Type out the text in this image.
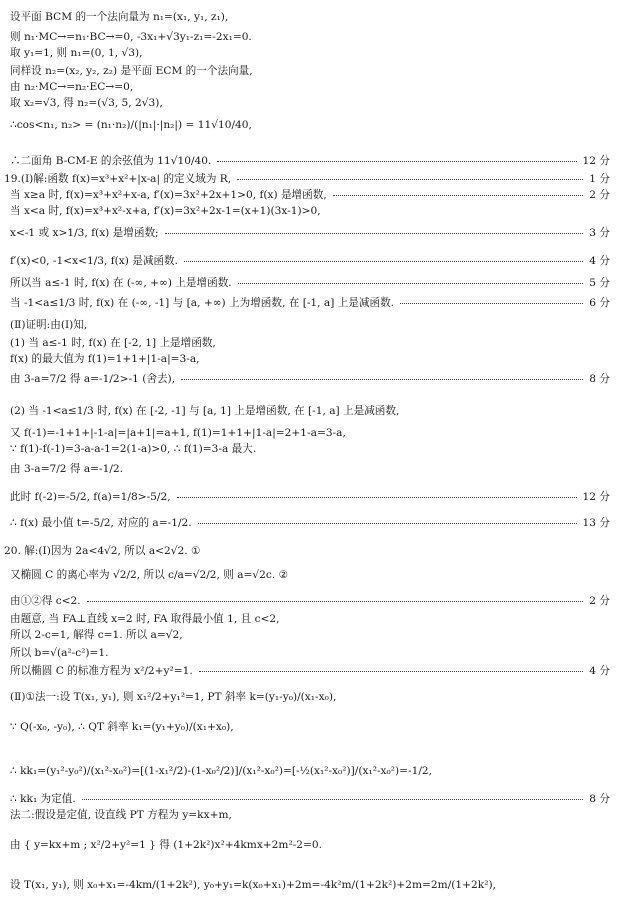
设平面 BCM 的一个法向量为 n₁=(x₁, y₁, z₁),
则 n₁·MC→=n₁·BC→=0, -3x₁+√3y₁-z₁=-2x₁=0.
取 y₁=1, 则 n₁=(0, 1, √3),
同样设 n₂=(x₂, y₂, z₂) 是平面 ECM 的一个法向量,
由 n₂·MC→=n₂·EC→=0,
取 x₂=√3, 得 n₂=(√3, 5, 2√3),
∴cos<n₁, n₂> = (n₁·n₂)/(|n₁|·|n₂|) = 11√10/40,
∴二面角 B-CM-E 的余弦值为 11√10/40.	12 分
19.(Ⅰ)解:函数 f(x)=x³+x²+|x-a| 的定义域为 R,	1 分
当 x≥a 时, f(x)=x³+x²+x-a, f′(x)=3x²+2x+1>0, f(x) 是增函数,	2 分
当 x<a 时, f(x)=x³+x²-x+a, f′(x)=3x²+2x-1=(x+1)(3x-1)>0,
x<-1 或 x>1/3, f(x) 是增函数;	3 分
f′(x)<0, -1<x<1/3, f(x) 是减函数.	4 分
所以当 a≤-1 时, f(x) 在 (-∞, +∞) 上是增函数.	5 分
当 -1<a≤1/3 时, f(x) 在 (-∞, -1] 与 [a, +∞) 上为增函数, 在 [-1, a] 上是减函数.	6 分
(Ⅱ)证明:由(Ⅰ)知,
(1) 当 a≤-1 时, f(x) 在 [-2, 1] 上是增函数,
f(x) 的最大值为 f(1)=1+1+|1-a|=3-a,
由 3-a=7/2 得 a=-1/2>-1 (舍去),	8 分
(2) 当 -1<a≤1/3 时, f(x) 在 [-2, -1] 与 [a, 1] 上是增函数, 在 [-1, a] 上是减函数,
又 f(-1)=-1+1+|-1-a|=|a+1|=a+1, f(1)=1+1+|1-a|=2+1-a=3-a,
∵ f(1)-f(-1)=3-a-a-1=2(1-a)>0, ∴ f(1)=3-a 最大.
由 3-a=7/2 得 a=-1/2.
此时 f(-2)=-5/2, f(a)=1/8>-5/2,	12 分
∴ f(x) 最小值 t=-5/2, 对应的 a=-1/2.	13 分
20. 解:(Ⅰ)因为 2a<4√2, 所以 a<2√2. ①
又椭圆 C 的离心率为 √2/2, 所以 c/a=√2/2, 则 a=√2c. ②
由①②得 c<2.	2 分
由题意, 当 FA⊥直线 x=2 时, FA 取得最小值 1, 且 c<2,
所以 2-c=1, 解得 c=1. 所以 a=√2,
所以 b=√(a²-c²)=1.
所以椭圆 C 的标准方程为 x²/2+y²=1.	4 分
(Ⅱ)①法一:设 T(x₁, y₁), 则 x₁²/2+y₁²=1, PT 斜率 k=(y₁-y₀)/(x₁-x₀),
∵ Q(-x₀, -y₀), ∴ QT 斜率 k₁=(y₁+y₀)/(x₁+x₀),
∴ kk₁=(y₁²-y₀²)/(x₁²-x₀²)=[(1-x₁²/2)-(1-x₀²/2)]/(x₁²-x₀²)=[-½(x₁²-x₀²)]/(x₁²-x₀²)=-1/2,
∴ kk₁ 为定值.	8 分
法二:假设是定值, 设直线 PT 方程为 y=kx+m,
由 { y=kx+m ; x²/2+y²=1 } 得 (1+2k²)x²+4kmx+2m²-2=0.
设 T(x₁, y₁), 则 x₀+x₁=-4km/(1+2k²), y₀+y₁=k(x₀+x₁)+2m=-4k²m/(1+2k²)+2m=2m/(1+2k²),
